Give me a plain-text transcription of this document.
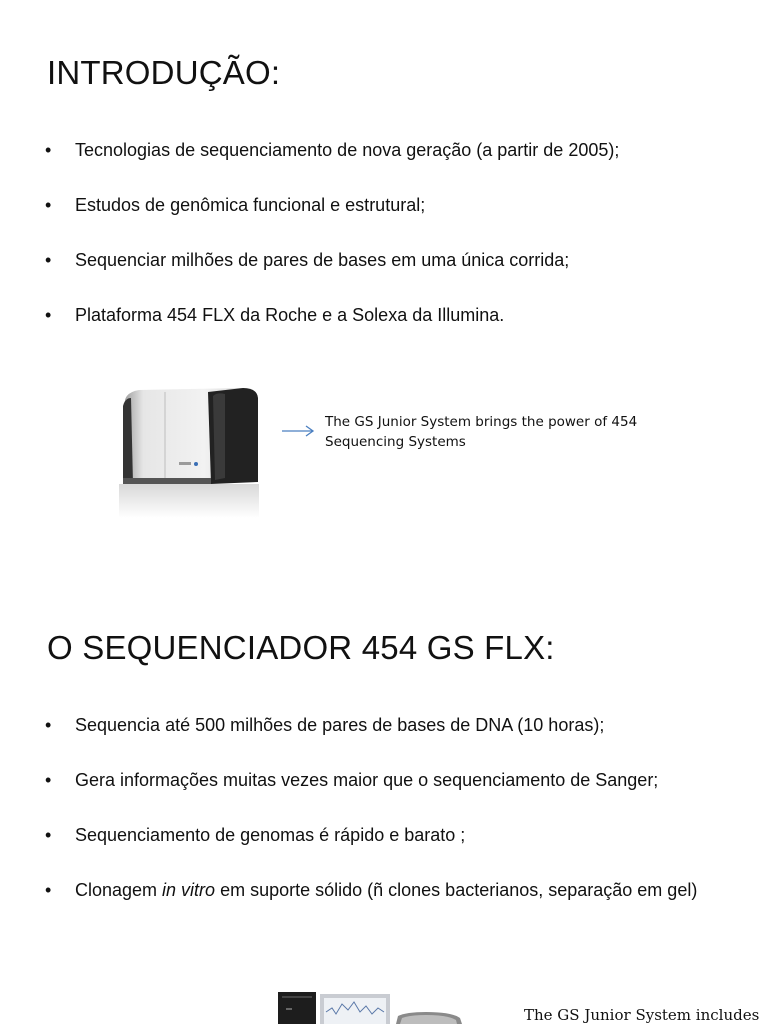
INTRODUÇÃO:
• Tecnologias de sequenciamento de nova geração (a partir de 2005);
• Estudos de genômica funcional e estrutural;
• Sequenciar milhões de pares de bases em uma única corrida;
• Plataforma 454 FLX da Roche e a Solexa da Illumina.
The GS Junior System brings the power of 454
Sequencing Systems
O SEQUENCIADOR 454 GS FLX:
• Sequencia até 500 milhões de pares de bases de DNA (10 horas);
• Gera informações muitas vezes maior que o sequenciamento de Sanger;
• Sequenciamento de genomas é rápido e barato ;
• Clonagem in vitro em suporte sólido (ñ clones bacterianos, separação em gel)
The GS Junior System includes
